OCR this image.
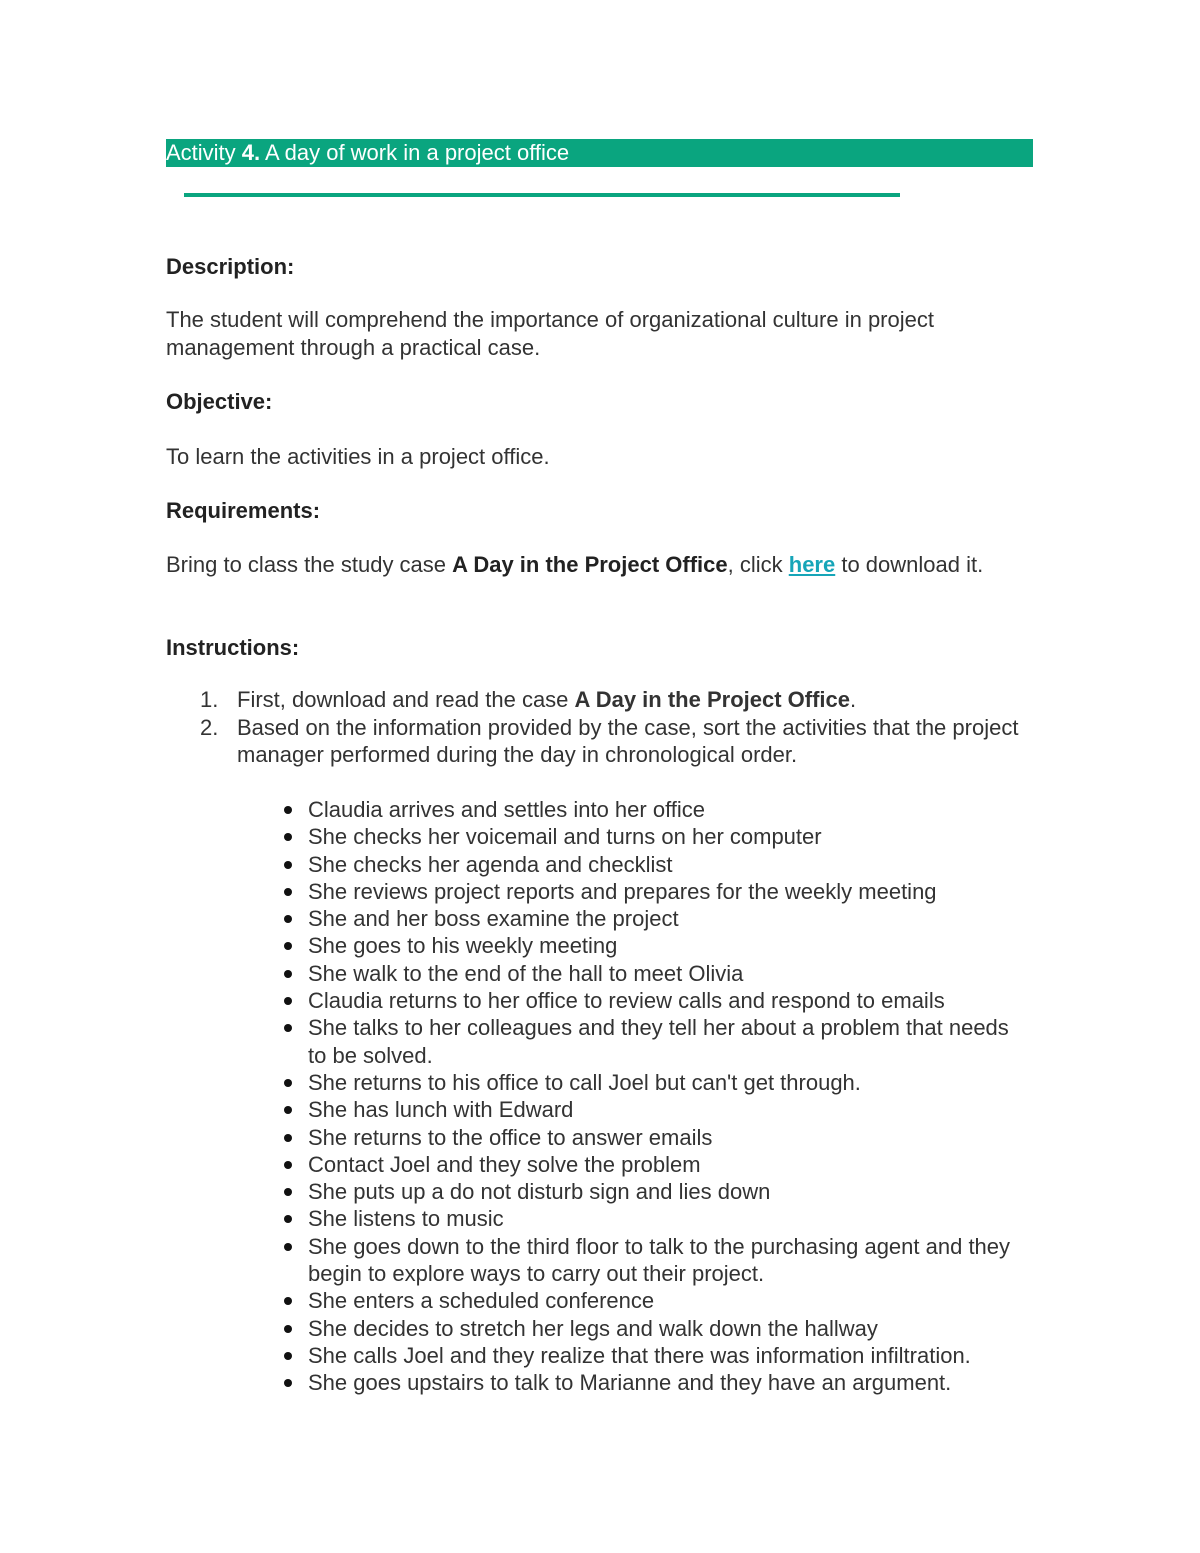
Activity 4. A day of work in a project office
Description:
The student will comprehend the importance of organizational culture in project management through a practical case.
Objective:
To learn the activities in a project office.
Requirements:
Bring to class the study case A Day in the Project Office, click here to download it.
Instructions:
1. First, download and read the case A Day in the Project Office.
2. Based on the information provided by the case, sort the activities that the project manager performed during the day in chronological order.
Claudia arrives and settles into her office
She checks her voicemail and turns on her computer
She checks her agenda and checklist
She reviews project reports and prepares for the weekly meeting
She and her boss examine the project
She goes to his weekly meeting
She walk to the end of the hall to meet Olivia
Claudia returns to her office to review calls and respond to emails
She talks to her colleagues and they tell her about a problem that needs to be solved.
She returns to his office to call Joel but can't get through.
She has lunch with Edward
She returns to the office to answer emails
Contact Joel and they solve the problem
She puts up a do not disturb sign and lies down
She listens to music
She goes down to the third floor to talk to the purchasing agent and they begin to explore ways to carry out their project.
She enters a scheduled conference
She decides to stretch her legs and walk down the hallway
She calls Joel and they realize that there was information infiltration.
She goes upstairs to talk to Marianne and they have an argument.
